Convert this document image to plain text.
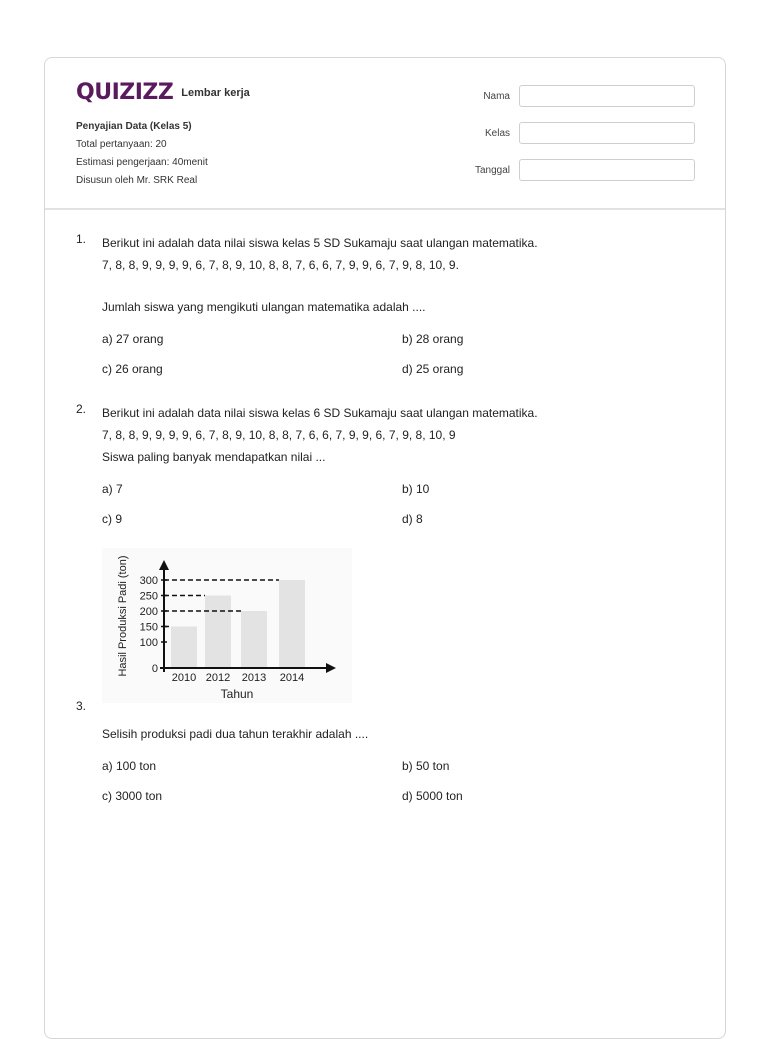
QUIZIZZ Lembar kerja
Penyajian Data (Kelas 5)
Total pertanyaan: 20
Estimasi pengerjaan: 40menit
Disusun oleh Mr. SRK Real
Nama
Kelas
Tanggal
1.	Berikut ini adalah data nilai siswa kelas 5 SD Sukamaju saat ulangan matematika.
7, 8, 8, 9, 9, 9, 9, 6, 7, 8, 9, 10, 8, 8, 7, 6, 6, 7, 9, 9, 6, 7, 9, 8, 10, 9.
Jumlah siswa yang mengikuti ulangan matematika adalah ....
a) 27 orang	b) 28 orang
c) 26 orang	d) 25 orang
2.	Berikut ini adalah data nilai siswa kelas 6 SD Sukamaju saat ulangan matematika.
7, 8, 8, 9, 9, 9, 9, 6, 7, 8, 9, 10, 8, 8, 7, 6, 6, 7, 9, 9, 6, 7, 9, 8, 10, 9
Siswa paling banyak mendapatkan nilai ...
a) 7	b) 10
c) 9	d) 8
0
100
150
200
250
300
2010 2012 2013 2014
Tahun
Hasil Produksi Padi (ton)
3.
Selisih produksi padi dua tahun terakhir adalah ....
a) 100 ton	b) 50 ton
c) 3000 ton	d) 5000 ton
